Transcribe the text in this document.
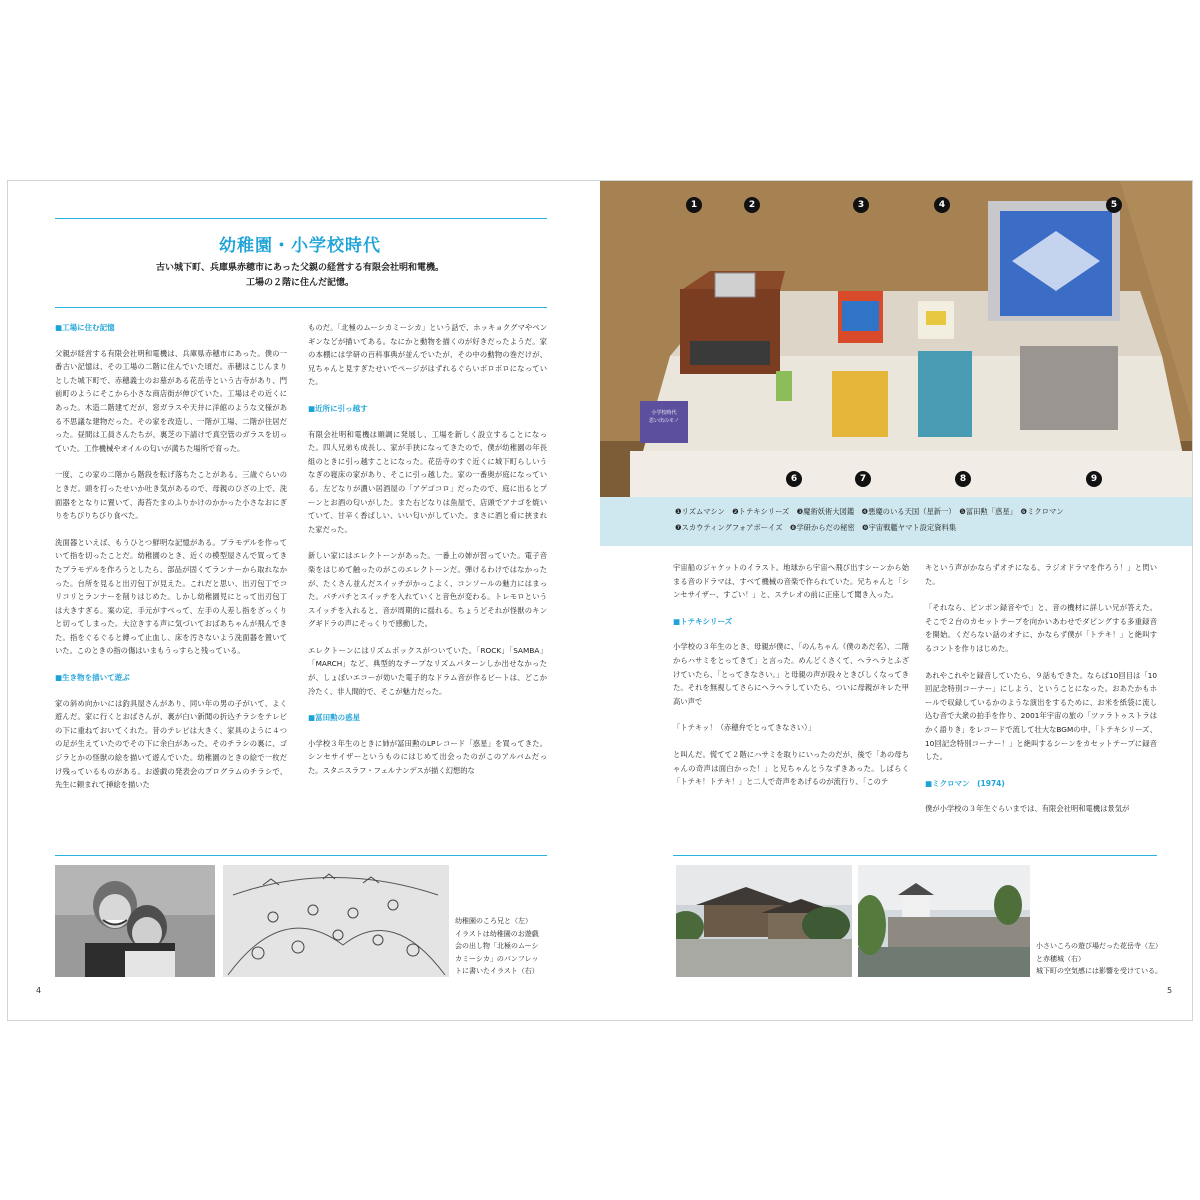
幼稚園・小学校時代
古い城下町、兵庫県赤穂市にあった父親の経営する有限会社明和電機。
工場の２階に住んだ記憶。
■工場に住む記憶

父親が経営する有限会社明和電機は、兵庫県赤穂市にあった。僕の一番古い記憶は、その工場の二階に住んでいた頃だ。赤穂はこじんまりとした城下町で、赤穂義士のお墓がある花岳寺という古寺があり、門前町のようにそこから小さな商店街が伸びていた。工場はその近くにあった。木造二階建てだが、窓ガラスや天井に洋館のような文様がある不思議な建物だった。その家を改造し、一階が工場、二階が住居だった。昼間は工員さんたちが、裏芝の下請けで真空管のガラスを切っていた。工作機械やオイルの匂いが満ちた場所で育った。

一度、この家の二階から階段を転げ落ちたことがある。三歳ぐらいのときだ。頭を打ったせいか吐き気があるので、母親のひざの上で、洗面器をとなりに置いて、海苔たまのふりかけのかかった小さなおにぎりをちびりちびり食べた。

洗面器といえば、もうひとつ鮮明な記憶がある。プラモデルを作っていて指を切ったことだ。幼稚園のとき、近くの模型屋さんで買ってきたプラモデルを作ろうとしたら、部品が固くてランナーから取れなかった。台所を見ると出刃包丁が見えた。これだと思い、出刃包丁でコリコリとランナーを削りはじめた。しかし幼稚園児にとって出刃包丁は大きすぎる。案の定、手元がすべって、左手の人差し指をざっくりと切ってしまった。大泣きする声に気づいておばあちゃんが飛んできた。指をぐるぐると縛って止血し、床を汚さないよう洗面器を置いていた。このときの指の傷はいまもうっすらと残っている。

■生き物を描いて遊ぶ

家の斜め向かいには釣具屋さんがあり、同い年の男の子がいて、よく遊んだ。家に行くとおばさんが、裏が白い新聞の折込チラシをテレビの下に重ねておいてくれた。昔のテレビは大きく、家具のように４つの足が生えていたのでその下に余白があった。そのチラシの裏に、ゴジラとかの怪獣の絵を描いて遊んでいた。幼稚園のときの絵で一枚だけ残っているものがある。お遊戯の発表会のプログラムのチラシで、先生に頼まれて挿絵を描いた

ものだ。「北極のムーシカミーシカ」という話で、ホッキョクグマやペンギンなどが描いてある。なにかと動物を描くのが好きだったようだ。家の本棚には学研の百科事典が並んでいたが、その中の動物の巻だけが、兄ちゃんと見すぎたせいでページがはずれるぐらいボロボロになっていた。

■近所に引っ越す

有限会社明和電機は順調に発展し、工場を新しく設立することになった。四人兄弟も成長し、家が手狭になってきたので、僕が幼稚園の年長組のときに引っ越すことになった。花岳寺のすぐ近くに城下町らしいうなぎの寝床の家があり、そこに引っ越した。家の一番奥が庭になっている。左どなりが濃い居酒屋の「アゲゴコロ」だったので、庭に出るとプーンとお酒の匂いがした。また右どなりは魚屋で、店頭でアナゴを焼いていて、甘辛く香ばしい、いい匂いがしていた。まさに酒と肴に挟まれた家だった。

新しい家にはエレクトーンがあった。一番上の姉が習っていた。電子音楽をはじめて触ったのがこのエレクトーンだ。弾けるわけではなかったが、たくさん並んだスイッチがかっこよく、コンソールの魅力にはまった。パチパチとスイッチを入れていくと音色が変わる。トレモロというスイッチを入れると、音が周期的に揺れる。ちょうどそれが怪獣のキングギドラの声にそっくりで感動した。

エレクトーンにはリズムボックスがついていた。「ROCK」「SAMBA」「MARCH」など、典型的なチープなリズムパターンしか出せなかったが、しょぼいエコーが効いた電子的なドラム音が作るビートは、どこか冷たく、非人間的で、そこが魅力だった。

■冨田勲の惑星

小学校３年生のときに姉が冨田勲のLPレコード「惑星」を買ってきた。シンセサイザーというものにはじめて出会ったのがこのアルバムだった。スタニスラフ・フェルナンデスが描く幻想的な

幼稚園のころ兄と（左）
イラストは幼稚園のお遊戯
会の出し物「北極のムーシ
カミーシカ」のパンフレッ
トに書いたイラスト（右）
4
1	2	3	4	5
6	7	8	9
小学校時代
思い出のモノ
❶リズムマシン　❷トテキシリーズ　❸魔術妖術大図鑑　❹悪魔のいる天国（星新一）　❺冨田勲「惑星」　❻ミクロマン
❼スカウティングフォアボーイズ　❽学研からだの秘密　❾宇宙戦艦ヤマト設定資料集

宇宙船のジャケットのイラスト。地球から宇宙へ飛び出すシーンから始まる音のドラマは、すべて機械の音楽で作られていた。兄ちゃんと「シンセサイザー、すごい！」と、ステレオの前に正座して聞き入った。

■トテキシリーズ

小学校の３年生のとき、母親が僕に、「のんちゃん（僕のあだ名）、二階からハサミをとってきて」と言った。めんどくさくて、ヘラヘラとふざけていたら、「とってきなさい。」と母親の声が段々ときびしくなってきた。それを無視してさらにヘラヘラしていたら、ついに母親がキレた甲高い声で

「トテキッ！（赤穂弁でとってきなさい）」

と叫んだ。慌てて２階にハサミを取りにいったのだが、後で「あの母ちゃんの奇声は面白かった！」と兄ちゃんとうなずきあった。しばらく「トテキ！トテキ！」と二人で奇声をあげるのが流行り、「このテ

キという声がかならずオチになる、ラジオドラマを作ろう！」と閃いた。

「それなら、ピンポン録音やで」と、音の機材に詳しい兄が答えた。そこで２台のカセットテープを向かいあわせでダビングする多重録音を開始。くだらない話のオチに、かならず僕が「トテキ！」と絶叫するコントを作りはじめた。

あれやこれやと録音していたら、９話もできた。ならば10回目は「10回記念特別コーナー」にしよう、ということになった。おあたかもホールで収録しているかのような演出をするために、お米を紙袋に流し込む音で大衆の拍手を作り、2001年宇宙の旅の「ツァラトゥストラはかく語りき」をレコードで流して壮大なBGMの中、「トテキシリーズ、10回記念特別コーナー！」と絶叫するシーンをカセットテープに録音した。

■ミクロマン　(1974)

僕が小学校の３年生ぐらいまでは、有限会社明和電機は景気が

小さいころの遊び場だった花岳寺（左）
と赤穂城（右）
城下町の空気感には影響を受けている。
5
